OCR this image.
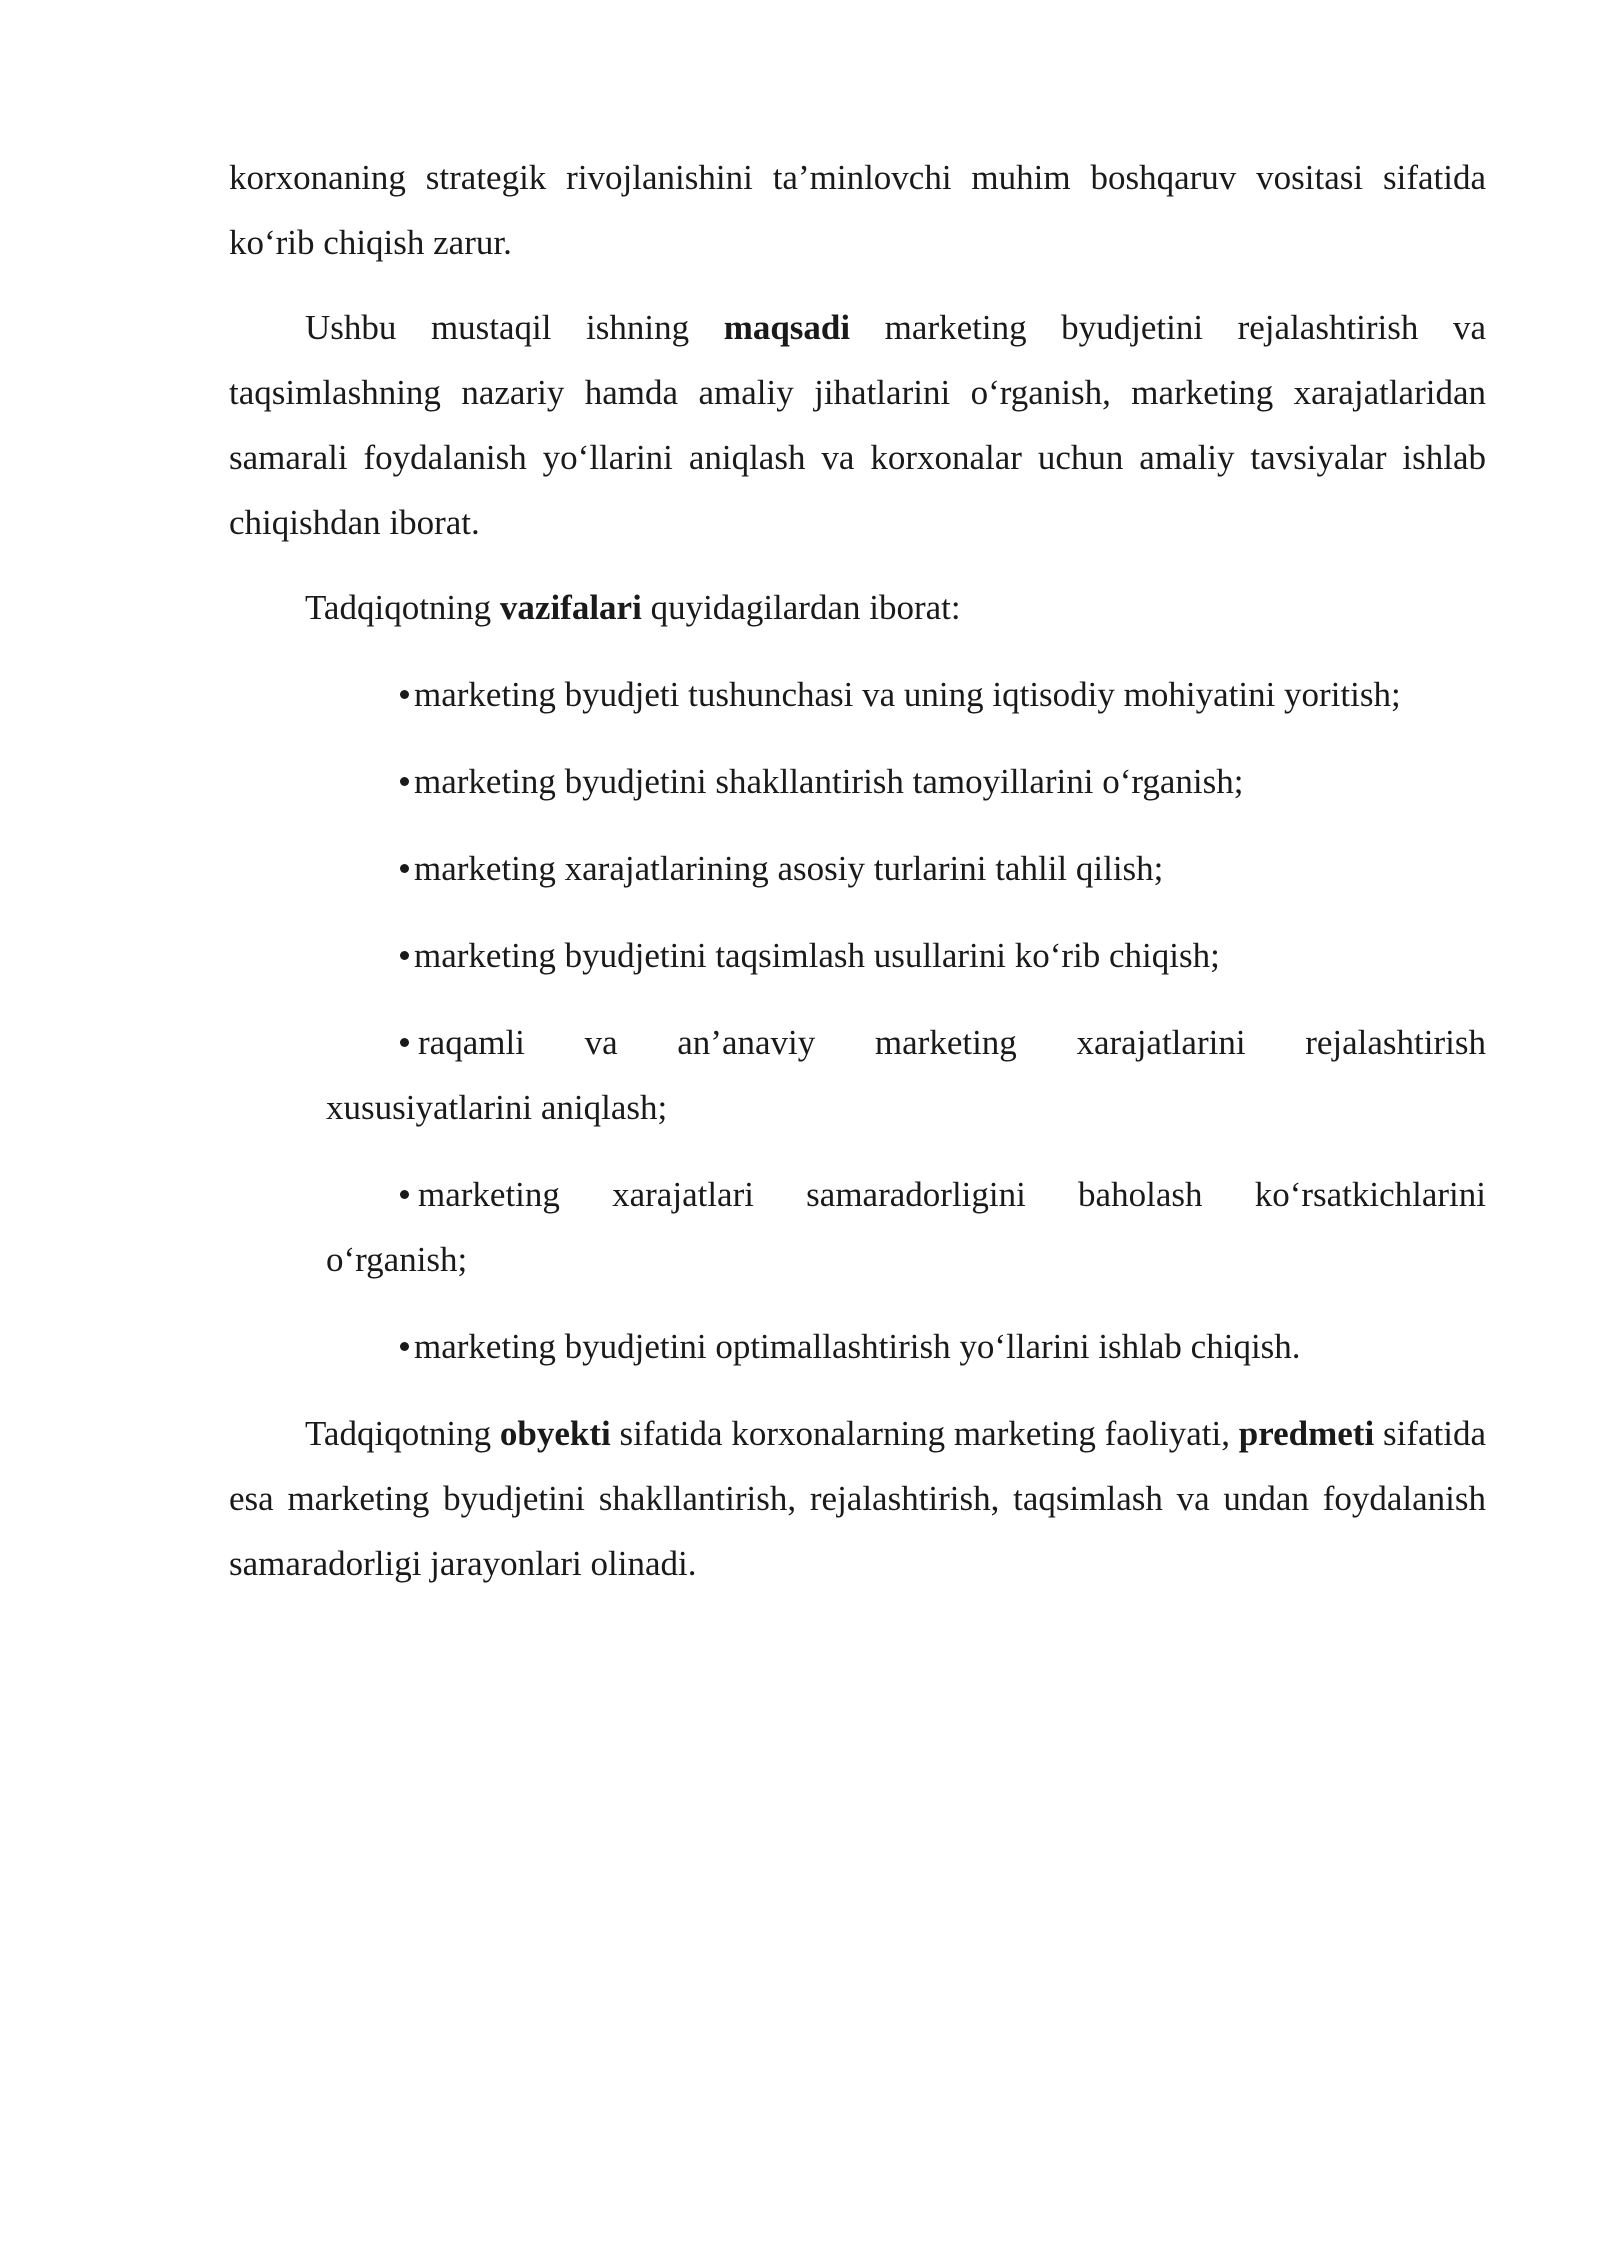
korxonaning strategik rivojlanishini ta’minlovchi muhim boshqaruv vositasi sifatida
ko‘rib chiqish zarur.

Ushbu mustaqil ishning maqsadi marketing byudjetini rejalashtirish va taqsimlashning nazariy hamda amaliy jihatlarini o‘rganish, marketing xarajatlaridan samarali foydalanish yo‘llarini aniqlash va korxonalar uchun amaliy tavsiyalar ishlab chiqishdan iborat.

Tadqiqotning vazifalari quyidagilardan iborat:

marketing byudjeti tushunchasi va uning iqtisodiy mohiyatini yoritish;
marketing byudjetini shakllantirish tamoyillarini o‘rganish;
marketing xarajatlarining asosiy turlarini tahlil qilish;
marketing byudjetini taqsimlash usullarini ko‘rib chiqish;
raqamli va an’anaviy marketing xarajatlarini rejalashtirish
xususiyatlarini aniqlash;
marketing xarajatlari samaradorligini baholash ko‘rsatkichlarini
o‘rganish;
marketing byudjetini optimallashtirish yo‘llarini ishlab chiqish.

Tadqiqotning obyekti sifatida korxonalarning marketing faoliyati, predmeti sifatida esa marketing byudjetini shakllantirish, rejalashtirish, taqsimlash va undan foydalanish samaradorligi jarayonlari olinadi.
